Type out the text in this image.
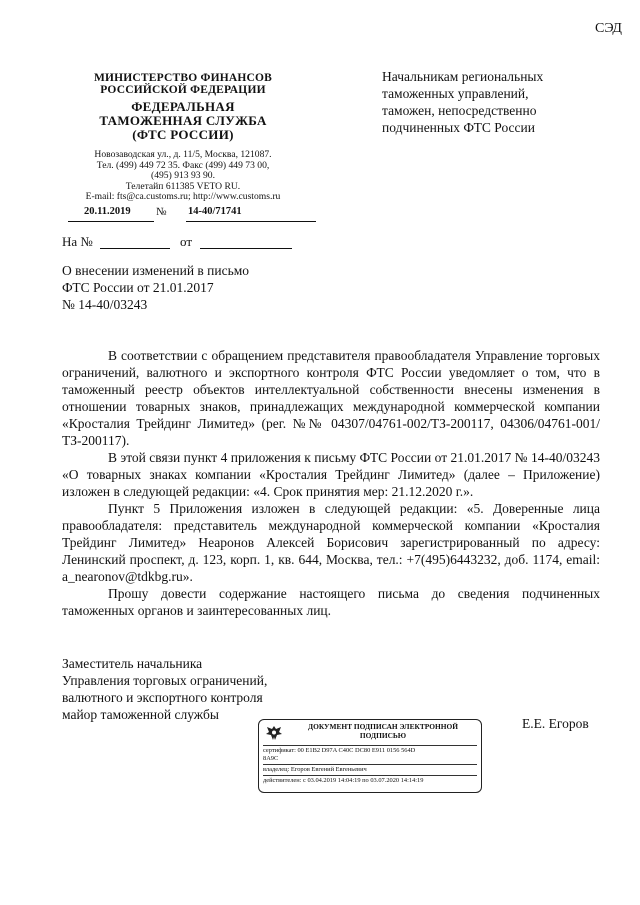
СЭД
МИНИСТЕРСТВО ФИНАНСОВ
РОССИЙСКОЙ ФЕДЕРАЦИИ
ФЕДЕРАЛЬНАЯ
ТАМОЖЕННАЯ СЛУЖБА
(ФТС РОССИИ)
Новозаводская ул., д. 11/5, Москва, 121087.
Тел. (499) 449 72 35. Факс (499) 449 73 00,
(495) 913 93 90.
Телетайп 611385 VETO RU.
E-mail: fts@ca.customs.ru; http://www.customs.ru
20.11.2019 № 14-40/71741
На №	от
Начальникам региональных
таможенных управлений,
таможен, непосредственно
подчиненных ФТС России
О внесении изменений в письмо
ФТС России от 21.01.2017
№ 14-40/03243

В соответствии с обращением представителя правообладателя Управление торговых ограничений, валютного и экспортного контроля ФТС России уведомляет о том, что в таможенный реестр объектов интеллектуальной собственности внесены изменения в отношении товарных знаков, принадлежащих международной коммерческой компании «Кросталия Трейдинг Лимитед» (рег. №№ 04307/04761-002/ТЗ-200117, 04306/04761-001/ТЗ-200117).

В этой связи пункт 4 приложения к письму ФТС России от 21.01.2017 № 14-40/03243 «О товарных знаках компании «Кросталия Трейдинг Лимитед» (далее – Приложение) изложен в следующей редакции: «4. Срок принятия мер: 21.12.2020 г.».

Пункт 5 Приложения изложен в следующей редакции: «5. Доверенные лица правообладателя: представитель международной коммерческой компании «Кросталия Трейдинг Лимитед» Неаронов Алексей Борисович зарегистрированный по адресу: Ленинский проспект, д. 123, корп. 1, кв. 644, Москва, тел.: +7(495)6443232, доб. 1174, email: a_nearonov@tdkbg.ru».

Прошу довести содержание настоящего письма до сведения подчиненных таможенных органов и заинтересованных лиц.

Заместитель начальника
Управления торговых ограничений,
валютного и экспортного контроля
майор таможенной службы
Е.Е. Егоров
ДОКУМЕНТ ПОДПИСАН ЭЛЕКТРОННОЙ
ПОДПИСЬЮ
сертификат: 00 E1B2 D97A C40C DC80 E911 0156 564D
8A9C
владелец: Егоров Евгений Евгеньевич
действителен: с 03.04.2019 14:04:19 по 03.07.2020 14:14:19
